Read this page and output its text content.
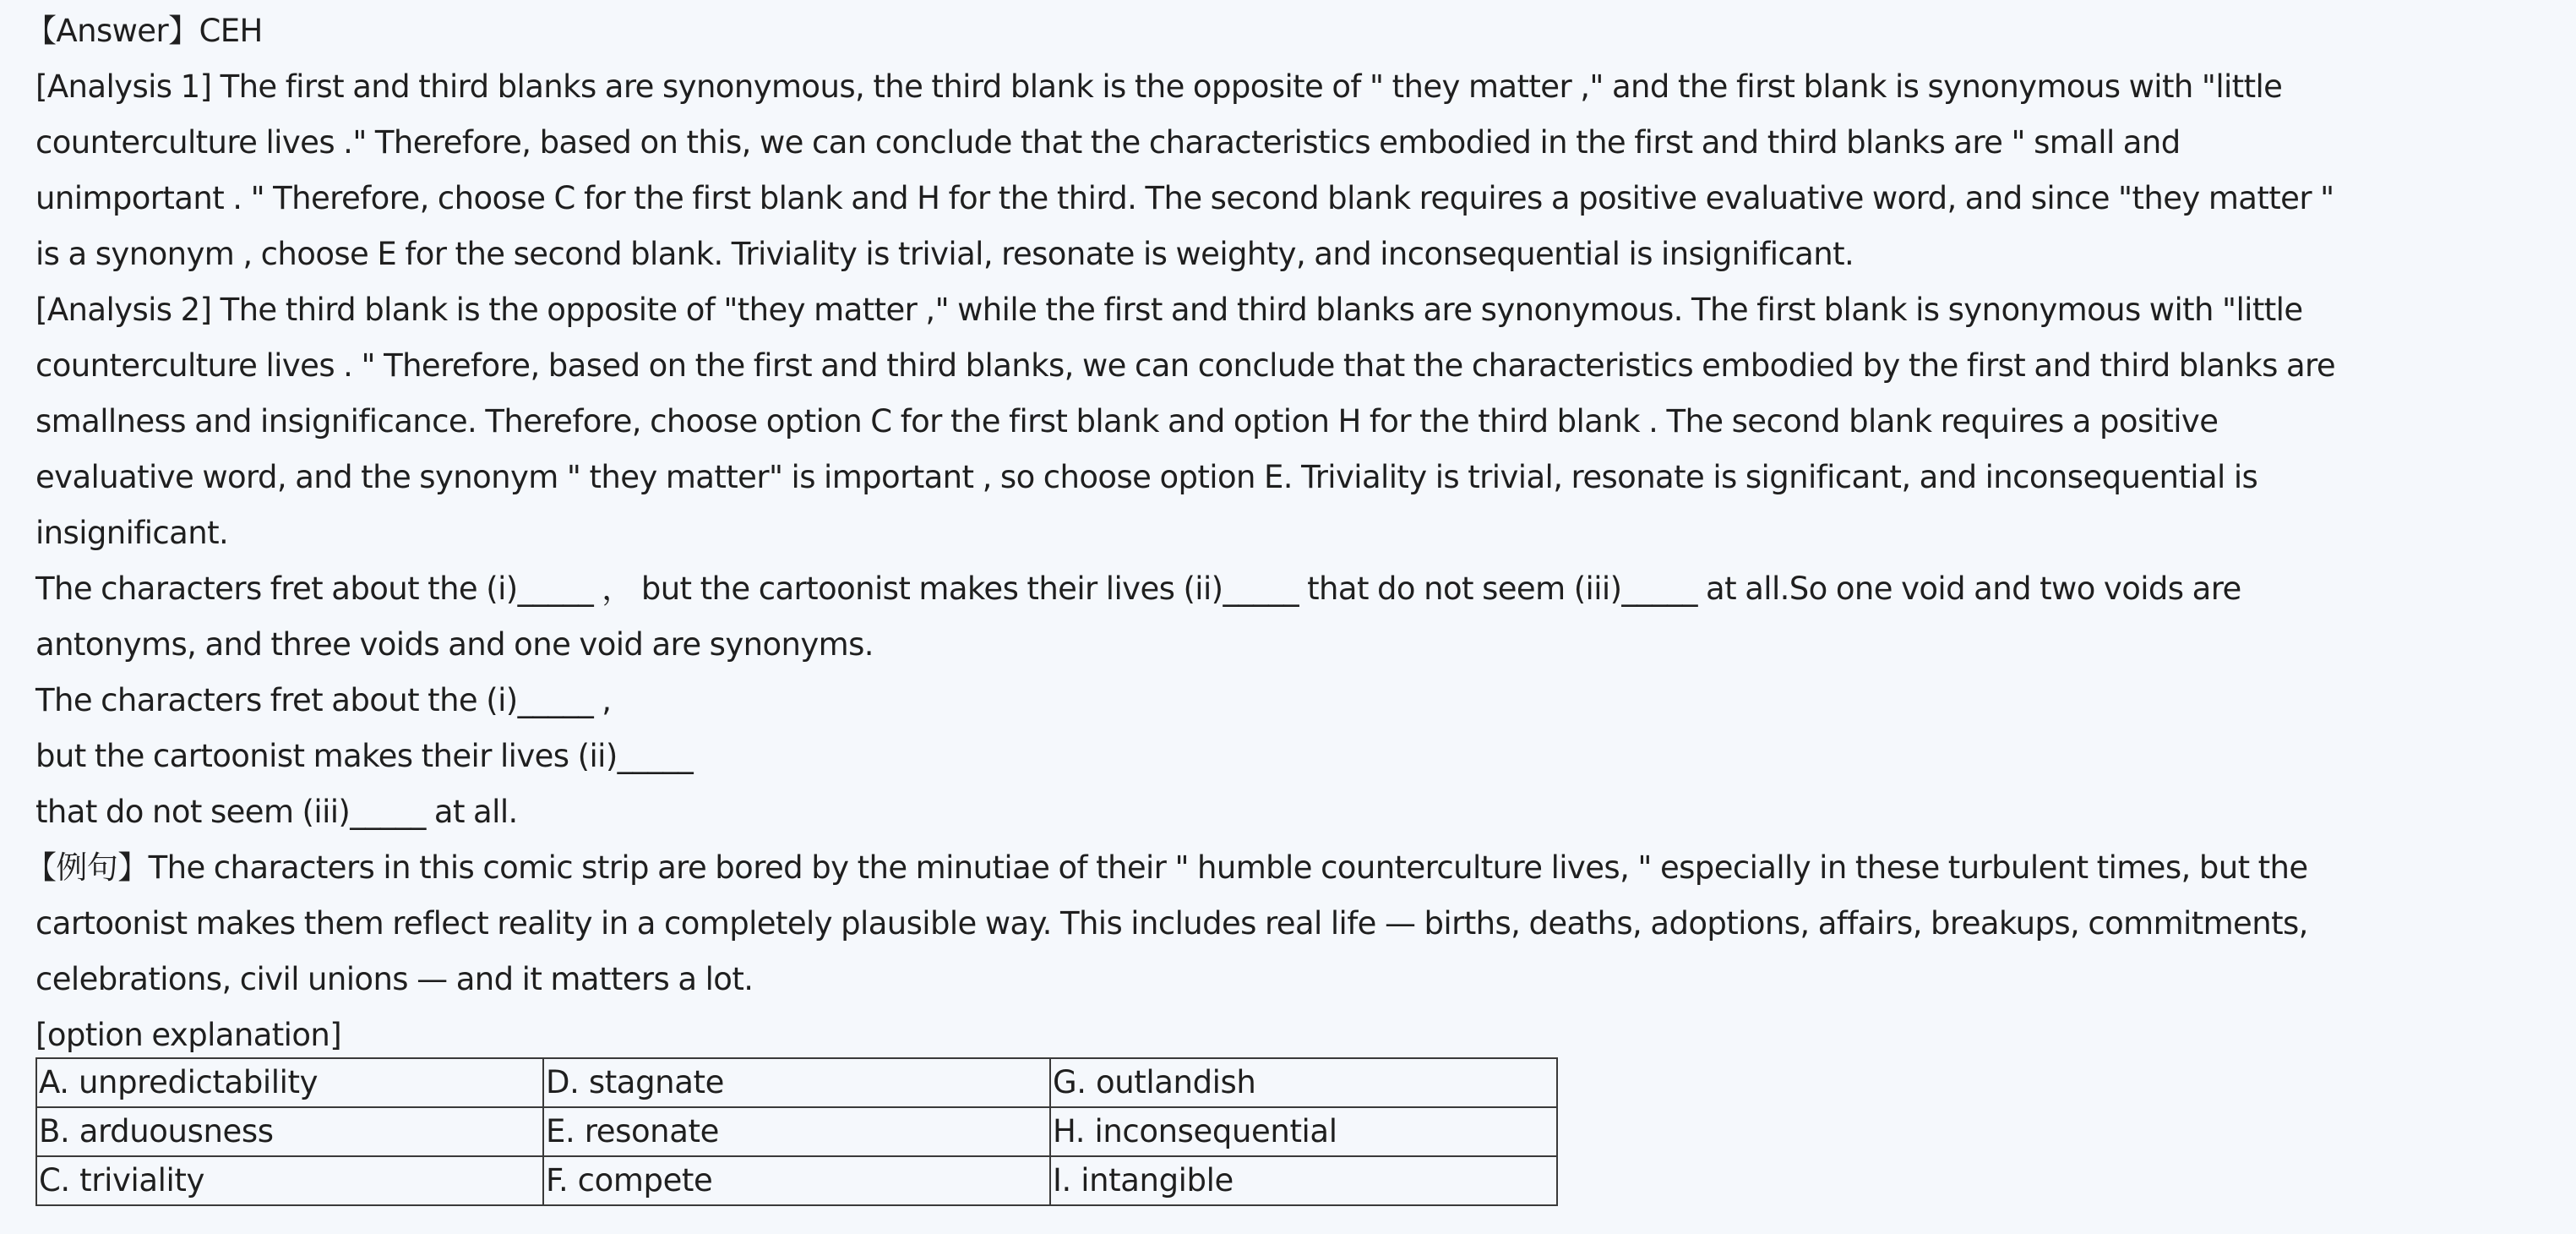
【Answer】CEH
[Analysis 1] The first and third blanks are synonymous, the third blank is the opposite of " they matter ," and the first blank is synonymous with "little
counterculture lives ." Therefore, based on this, we can conclude that the characteristics embodied in the first and third blanks are " small and
unimportant . " Therefore, choose C for the first blank and H for the third. The second blank requires a positive evaluative word, and since "they matter "
is a synonym , choose E for the second blank. Triviality is trivial, resonate is weighty, and inconsequential is insignificant.
[Analysis 2] The third blank is the opposite of "they matter ," while the first and third blanks are synonymous. The first blank is synonymous with "little
counterculture lives . " Therefore, based on the first and third blanks, we can conclude that the characteristics embodied by the first and third blanks are
smallness and insignificance. Therefore, choose option C for the first blank and option H for the third blank . The second blank requires a positive
evaluative word, and the synonym " they matter" is important , so choose option E. Triviality is trivial, resonate is significant, and inconsequential is
insignificant.
The characters fret about the (i)_____ ， but the cartoonist makes their lives (ii)_____ that do not seem (iii)_____ at all.So one void and two voids are
antonyms, and three voids and one void are synonyms.
The characters fret about the (i)_____ ,
but the cartoonist makes their lives (ii)_____
that do not seem (iii)_____ at all.
【例句】The characters in this comic strip are bored by the minutiae of their " humble counterculture lives, " especially in these turbulent times, but the
cartoonist makes them reflect reality in a completely plausible way. This includes real life — births, deaths, adoptions, affairs, breakups, commitments,
celebrations, civil unions — and it matters a lot.
[option explanation]
A. unpredictability	D. stagnate	G. outlandish
B. arduousness	E. resonate	H. inconsequential
C. triviality	F. compete	I. intangible
